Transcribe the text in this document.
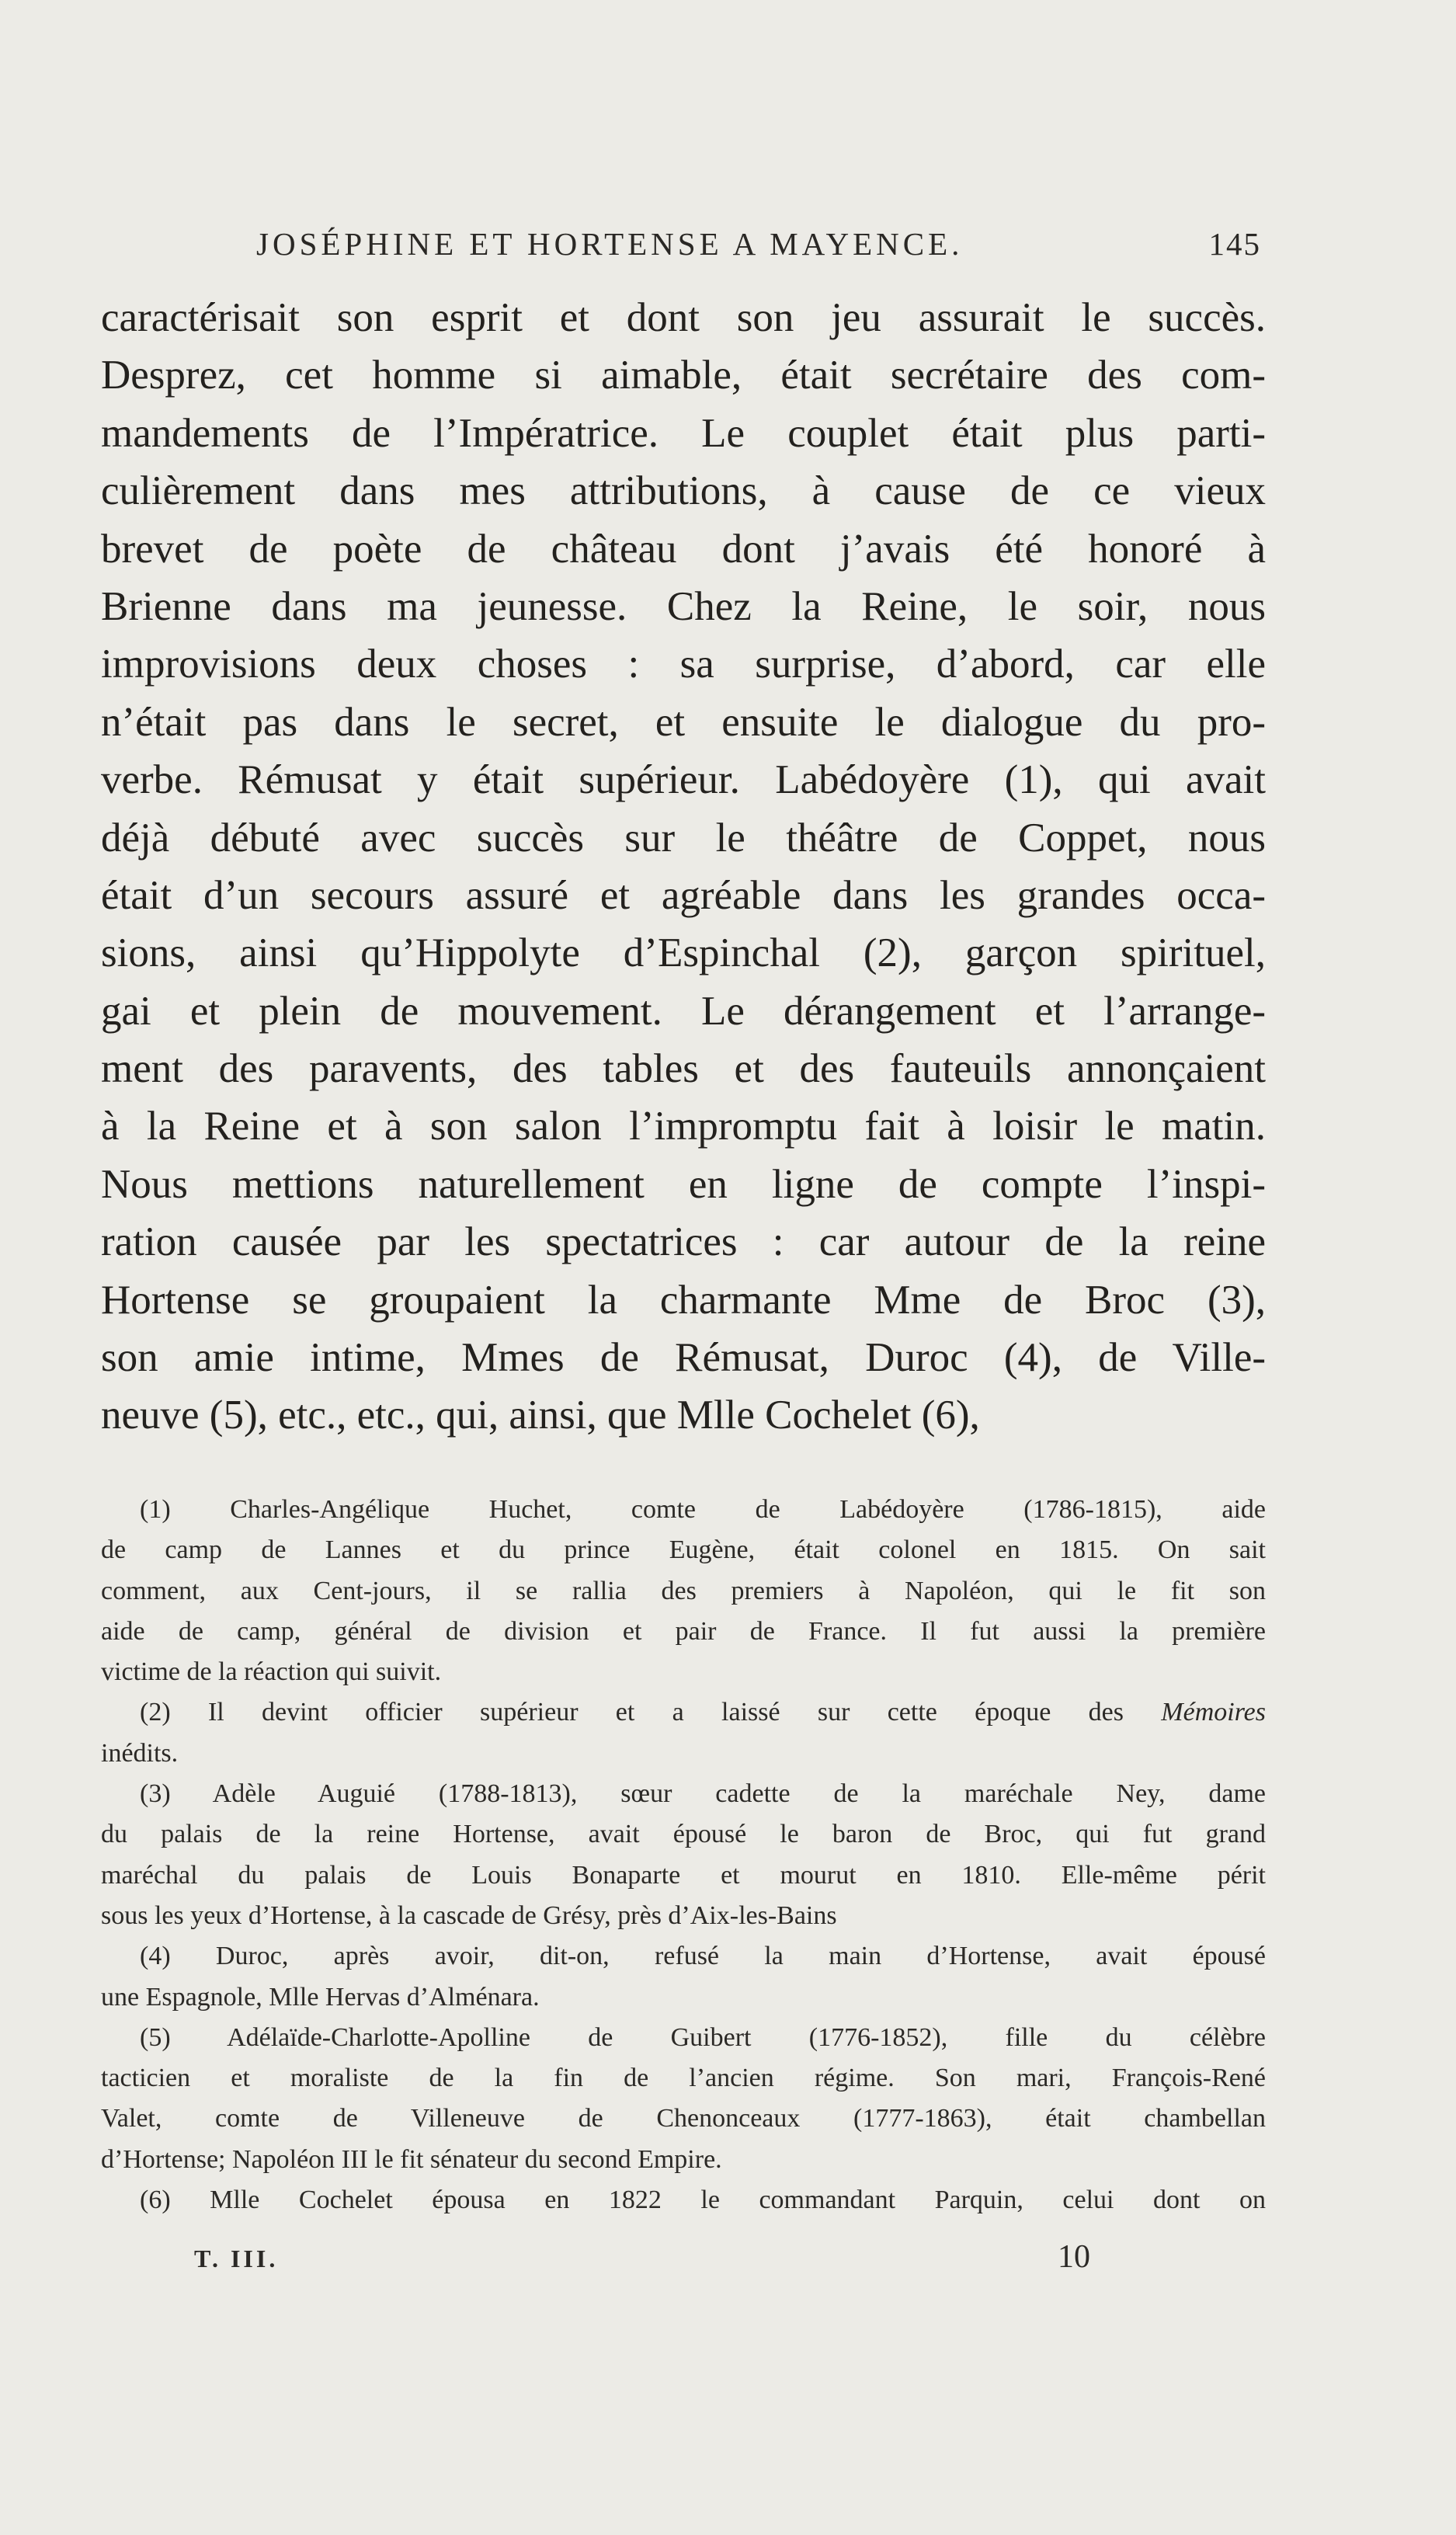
JOSÉPHINE ET HORTENSE A MAYENCE.	145
caractérisait son esprit et dont son jeu assurait le succès.
Desprez, cet homme si aimable, était secrétaire des com-
mandements de l’Impératrice. Le couplet était plus parti-
culièrement dans mes attributions, à cause de ce vieux
brevet de poète de château dont j’avais été honoré à
Brienne dans ma jeunesse. Chez la Reine, le soir, nous
improvisions deux choses : sa surprise, d’abord, car elle
n’était pas dans le secret, et ensuite le dialogue du pro-
verbe. Rémusat y était supérieur. Labédoyère (1), qui avait
déjà débuté avec succès sur le théâtre de Coppet, nous
était d’un secours assuré et agréable dans les grandes occa-
sions, ainsi qu’Hippolyte d’Espinchal (2), garçon spirituel,
gai et plein de mouvement. Le dérangement et l’arrange-
ment des paravents, des tables et des fauteuils annonçaient
à la Reine et à son salon l’impromptu fait à loisir le matin.
Nous mettions naturellement en ligne de compte l’inspi-
ration causée par les spectatrices : car autour de la reine
Hortense se groupaient la charmante Mme de Broc (3),
son amie intime, Mmes de Rémusat, Duroc (4), de Ville-
neuve (5), etc., etc., qui, ainsi, que Mlle Cochelet (6),
(1) Charles-Angélique Huchet, comte de Labédoyère (1786-1815), aide
de camp de Lannes et du prince Eugène, était colonel en 1815. On sait
comment, aux Cent-jours, il se rallia des premiers à Napoléon, qui le fit son
aide de camp, général de division et pair de France. Il fut aussi la première
victime de la réaction qui suivit.
(2) Il devint officier supérieur et a laissé sur cette époque des Mémoires
inédits.
(3) Adèle Auguié (1788-1813), sœur cadette de la maréchale Ney, dame
du palais de la reine Hortense, avait épousé le baron de Broc, qui fut grand
maréchal du palais de Louis Bonaparte et mourut en 1810. Elle-même périt
sous les yeux d’Hortense, à la cascade de Grésy, près d’Aix-les-Bains
(4) Duroc, après avoir, dit-on, refusé la main d’Hortense, avait épousé
une Espagnole, Mlle Hervas d’Alménara.
(5) Adélaïde-Charlotte-Apolline de Guibert (1776-1852), fille du célèbre
tacticien et moraliste de la fin de l’ancien régime. Son mari, François-René
Valet, comte de Villeneuve de Chenonceaux (1777-1863), était chambellan
d’Hortense; Napoléon III le fit sénateur du second Empire.
(6) Mlle Cochelet épousa en 1822 le commandant Parquin, celui dont on
T. III.	10
